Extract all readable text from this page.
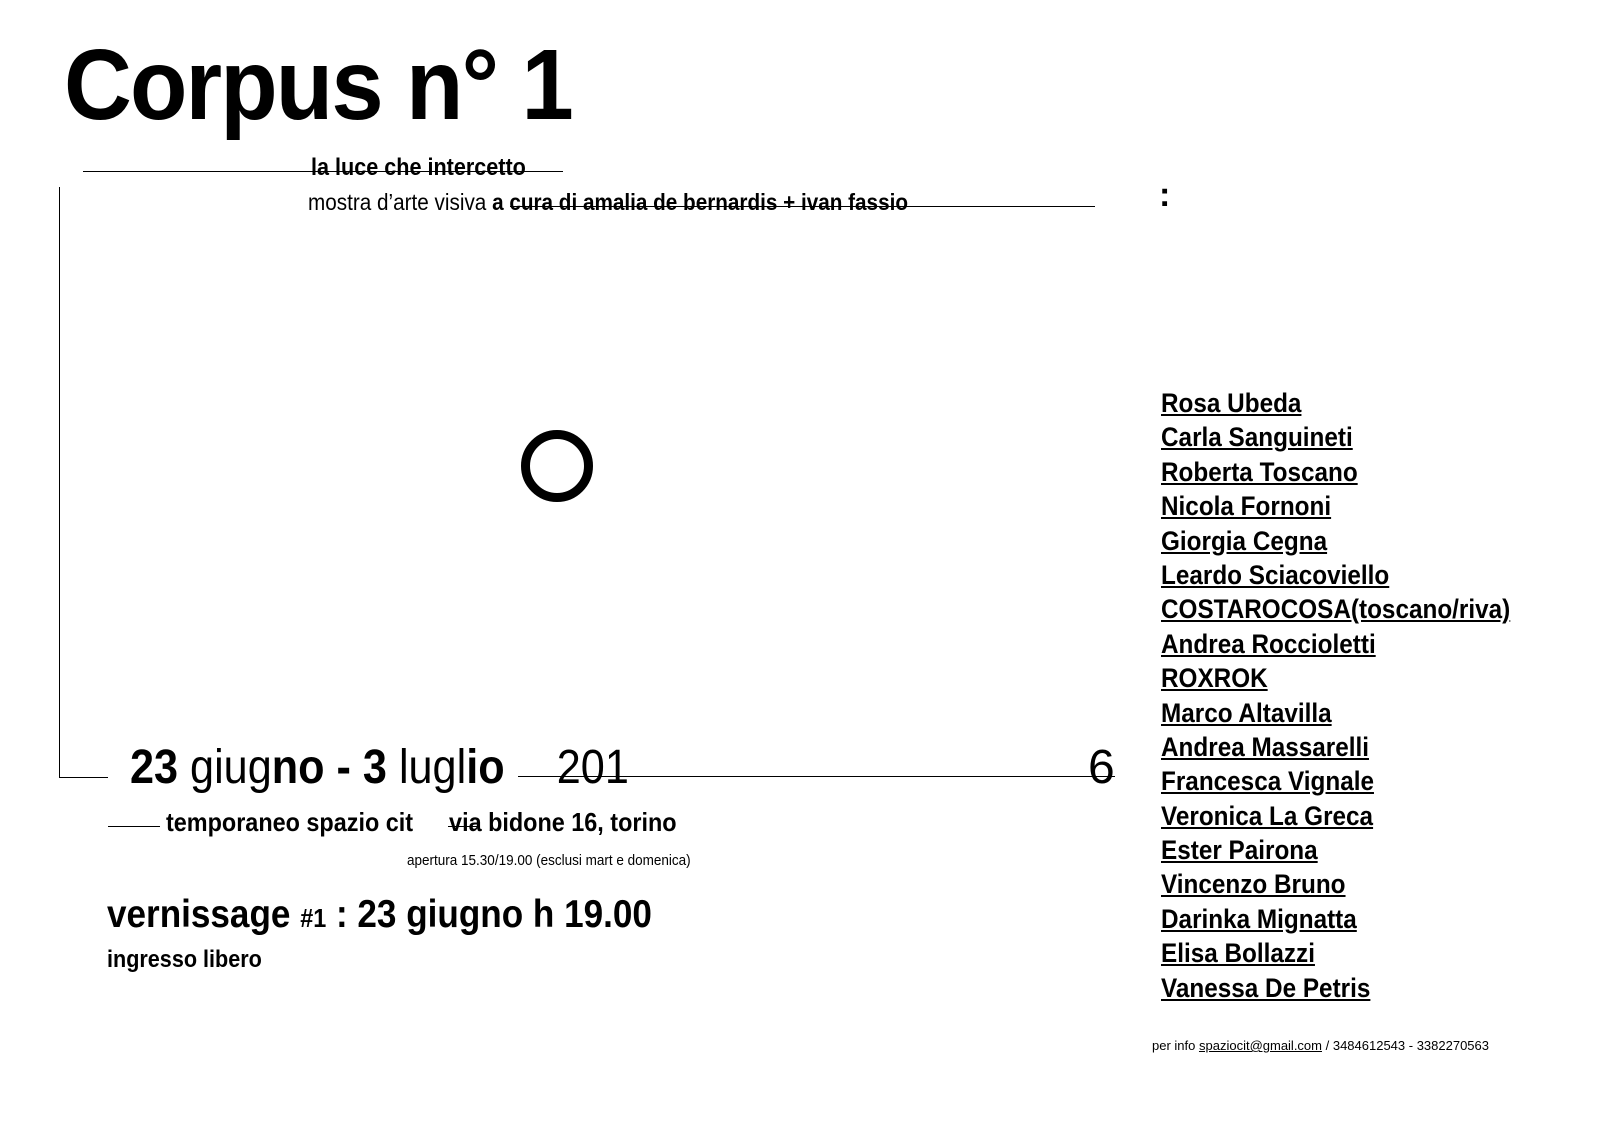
Corpus n° 1
la luce che intercetto
mostra d’arte visiva a cura di amalia de bernardis + ivan fassio	:
Rosa Ubeda
Carla Sanguineti
Roberta Toscano
Nicola Fornoni
Giorgia Cegna
Leardo Sciacoviello
COSTAROCOSA(toscano/riva)
Andrea Roccioletti
ROXROK
Marco Altavilla
Andrea Massarelli
Francesca Vignale
Veronica La Greca
Ester Pairona
Vincenzo Bruno
Darinka Mignatta
Elisa Bollazzi
Vanessa De Petris
23 giugno - 3 luglio 201	6
temporaneo spazio cit via bidone 16, torino
apertura 15.30/19.00 (esclusi mart e domenica)
vernissage #1 : 23 giugno h 19.00
ingresso libero
per info spaziocit@gmail.com / 3484612543 - 3382270563
